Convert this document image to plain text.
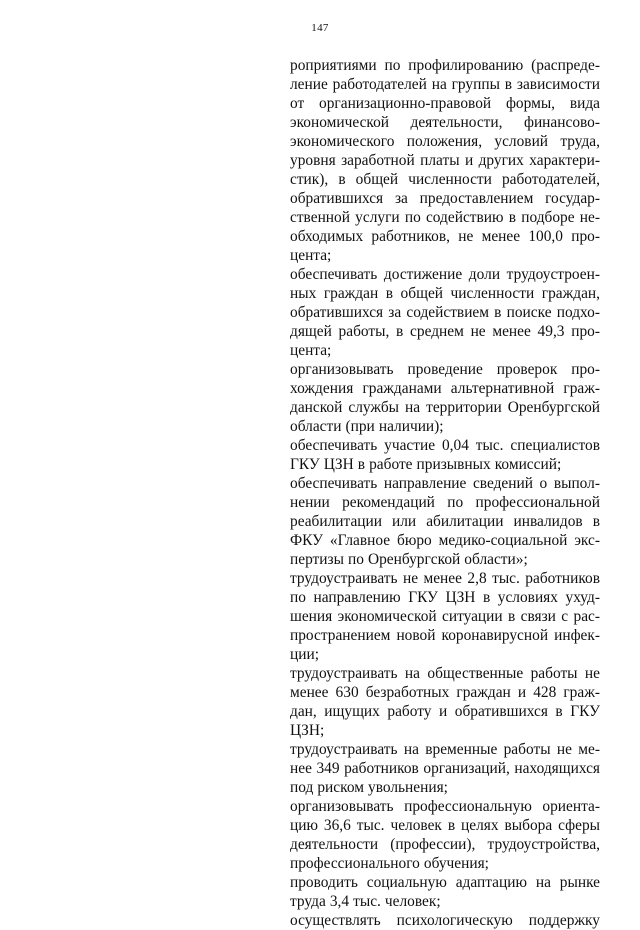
147

роприятиями по профилированию (распределение работодателей на группы в зависимости от организационно-правовой формы, вида экономической деятельности, финансово-экономического положения, условий труда, уровня заработной платы и других характеристик), в общей численности работодателей, обратившихся за предоставлением государственной услуги по содействию в подборе необходимых работников, не менее 100,0 процента;

обеспечивать достижение доли трудоустроенных граждан в общей численности граждан, обратившихся за содействием в поиске подходящей работы, в среднем не менее 49,3 процента;

организовывать проведение проверок прохождения гражданами альтернативной гражданской службы на территории Оренбургской области (при наличии);

обеспечивать участие 0,04 тыс. специалистов ГКУ ЦЗН в работе призывных комиссий;

обеспечивать направление сведений о выполнении рекомендаций по профессиональной реабилитации или абилитации инвалидов в ФКУ «Главное бюро медико-социальной экспертизы по Оренбургской области»;

трудоустраивать не менее 2,8 тыс. работников по направлению ГКУ ЦЗН в условиях ухудшения экономической ситуации в связи с распространением новой коронавирусной инфекции;

трудоустраивать на общественные работы не менее 630 безработных граждан и 428 граждан, ищущих работу и обратившихся в ГКУ ЦЗН;

трудоустраивать на временные работы не менее 349 работников организаций, находящихся под риском увольнения;

организовывать профессиональную ориентацию 36,6 тыс. человек в целях выбора сферы деятельности (профессии), трудоустройства, профессионального обучения;

проводить социальную адаптацию на рынке труда 3,4 тыс. человек;

осуществлять психологическую поддержку
